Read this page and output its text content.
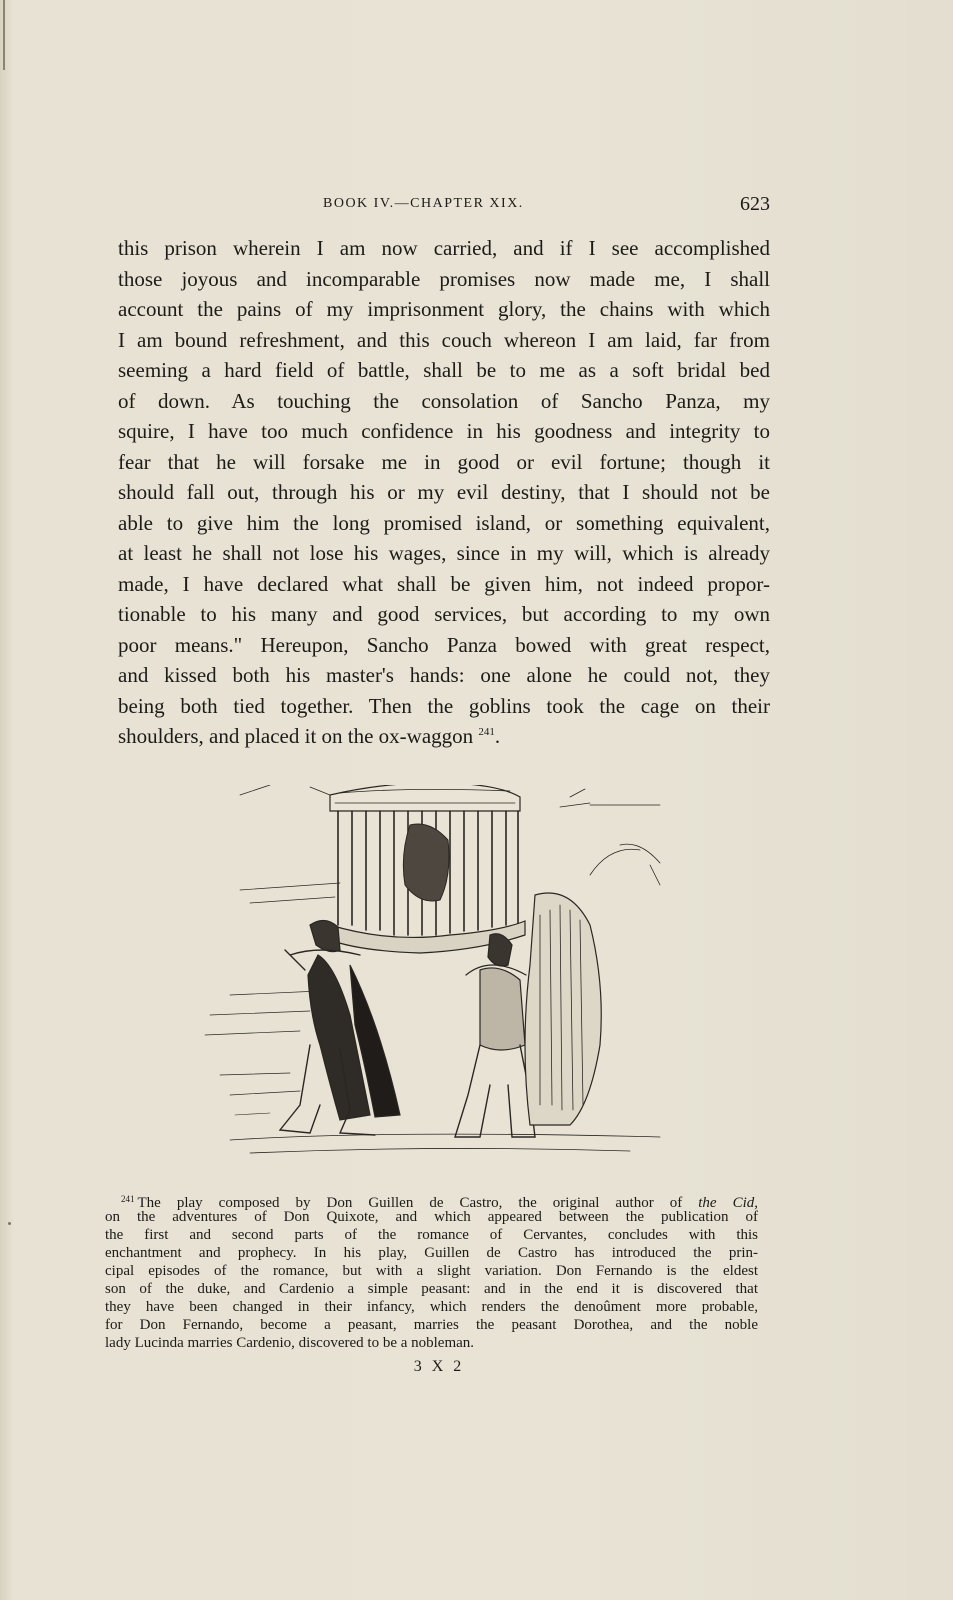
BOOK IV.—CHAPTER XIX.	623
this prison wherein I am now carried, and if I see accomplished
those joyous and incomparable promises now made me, I shall
account the pains of my imprisonment glory, the chains with which
I am bound refreshment, and this couch whereon I am laid, far from
seeming a hard field of battle, shall be to me as a soft bridal bed
of down. As touching the consolation of Sancho Panza, my
squire, I have too much confidence in his goodness and integrity to
fear that he will forsake me in good or evil fortune; though it
should fall out, through his or my evil destiny, that I should not be
able to give him the long promised island, or something equivalent,
at least he shall not lose his wages, since in my will, which is already
made, I have declared what shall be given him, not indeed propor-
tionable to his many and good services, but according to my own
poor means." Hereupon, Sancho Panza bowed with great respect,
and kissed both his master's hands: one alone he could not, they
being both tied together. Then the goblins took the cage on their
shoulders, and placed it on the ox-waggon $^{241}$.
$^{241}$ The play composed by Don Guillen de Castro, the original author of the Cid,
on the adventures of Don Quixote, and which appeared between the publication of
the first and second parts of the romance of Cervantes, concludes with this
enchantment and prophecy. In his play, Guillen de Castro has introduced the prin-
cipal episodes of the romance, but with a slight variation. Don Fernando is the eldest
son of the duke, and Cardenio a simple peasant: and in the end it is discovered that
they have been changed in their infancy, which renders the denoûment more probable,
for Don Fernando, become a peasant, marries the peasant Dorothea, and the noble
lady Lucinda marries Cardenio, discovered to be a nobleman.
3 X 2
